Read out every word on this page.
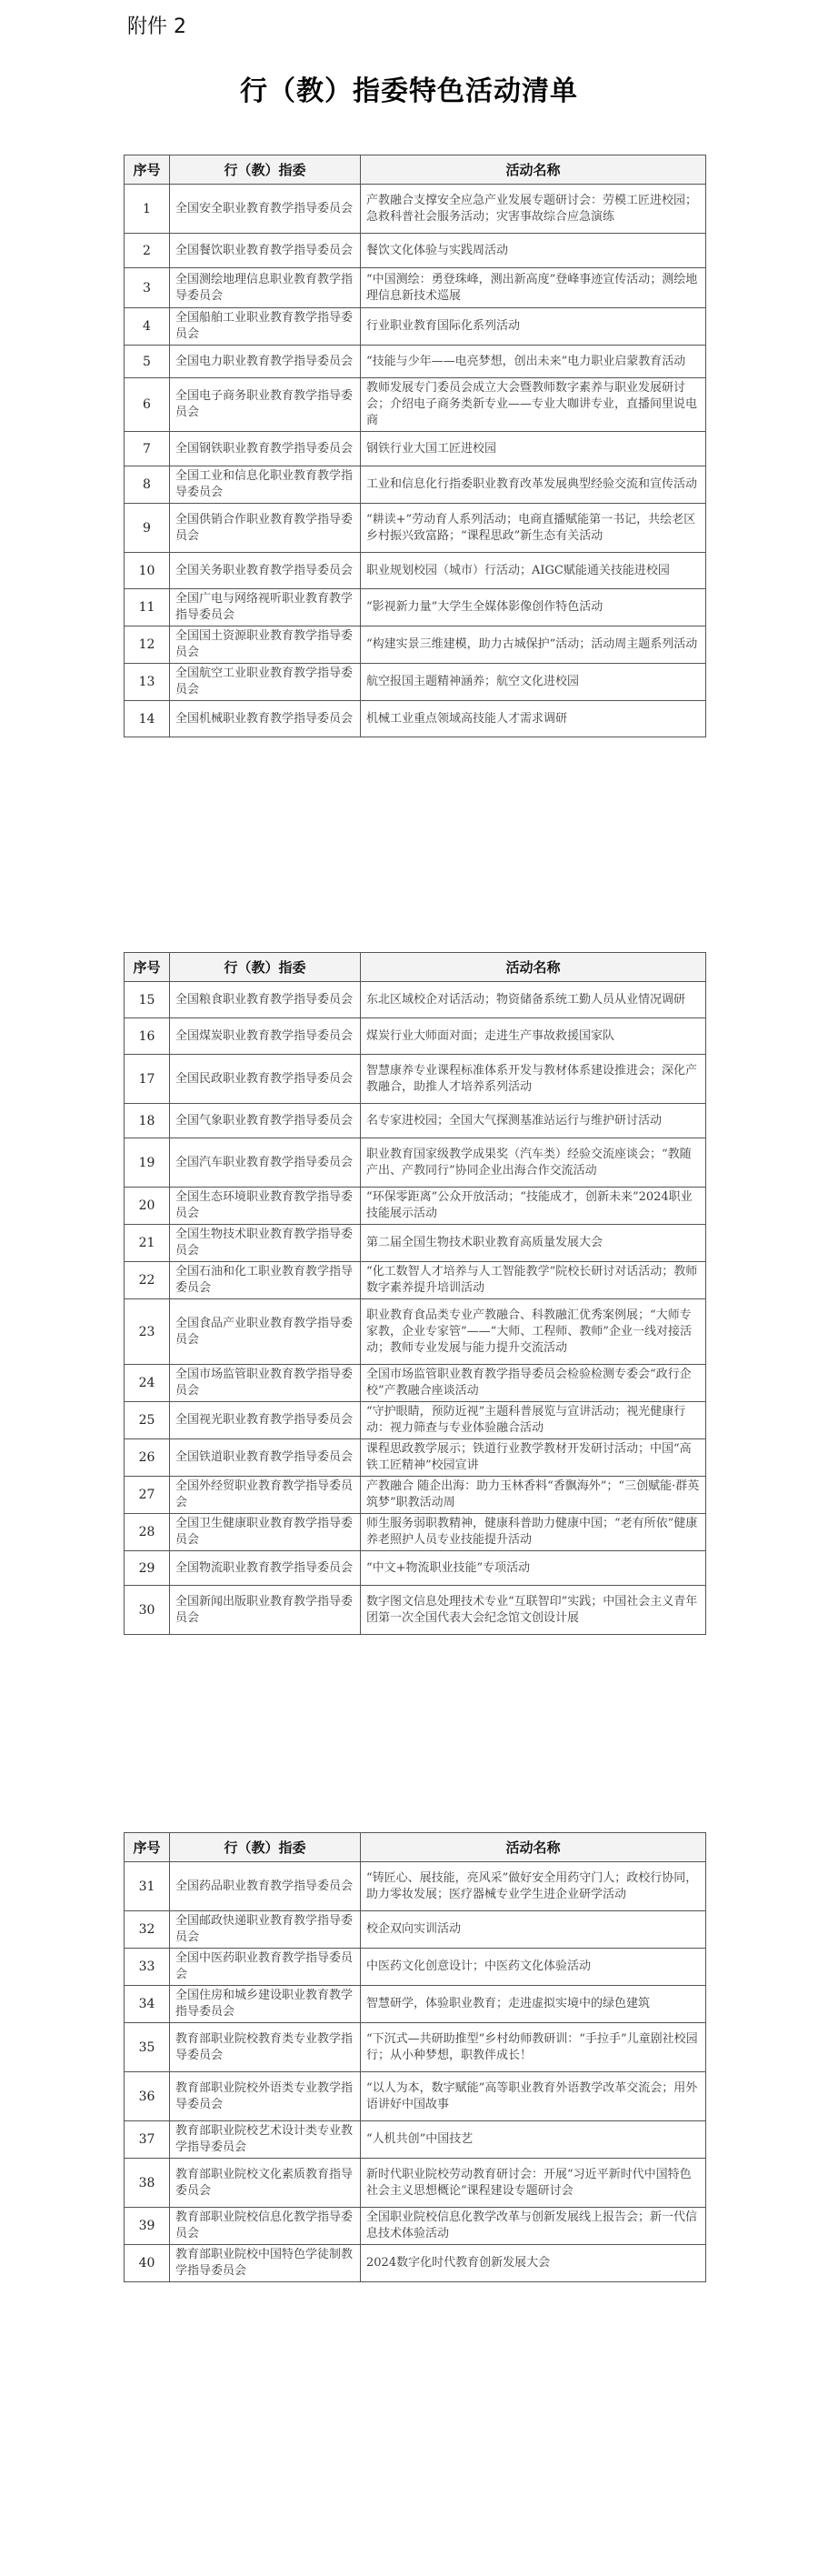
附件 2
行（教）指委特色活动清单
序号	行（教）指委	活动名称
1	全国安全职业教育教学指导委员会	产教融合支撑安全应急产业发展专题研讨会：劳模工匠进校园；急救科普社会服务活动；灾害事故综合应急演练
2	全国餐饮职业教育教学指导委员会	餐饮文化体验与实践周活动
3	全国测绘地理信息职业教育教学指导委员会	“中国测绘：勇登珠峰，测出新高度”登峰事迹宣传活动；测绘地理信息新技术巡展
4	全国船舶工业职业教育教学指导委员会	行业职业教育国际化系列活动
5	全国电力职业教育教学指导委员会	“技能与少年——电亮梦想，创出未来”电力职业启蒙教育活动
6	全国电子商务职业教育教学指导委员会	教师发展专门委员会成立大会暨教师数字素养与职业发展研讨会；介绍电子商务类新专业——专业大咖讲专业，直播间里说电商
7	全国钢铁职业教育教学指导委员会	钢铁行业大国工匠进校园
8	全国工业和信息化职业教育教学指导委员会	工业和信息化行指委职业教育改革发展典型经验交流和宣传活动
9	全国供销合作职业教育教学指导委员会	“耕读+”劳动育人系列活动；电商直播赋能第一书记，共绘老区乡村振兴致富路；“课程思政”新生态有关活动
10	全国关务职业教育教学指导委员会	职业规划校园（城市）行活动；AIGC赋能通关技能进校园
11	全国广电与网络视听职业教育教学指导委员会	“影视新力量”大学生全媒体影像创作特色活动
12	全国国土资源职业教育教学指导委员会	“构建实景三维建模，助力古城保护”活动；活动周主题系列活动
13	全国航空工业职业教育教学指导委员会	航空报国主题精神涵养；航空文化进校园
14	全国机械职业教育教学指导委员会	机械工业重点领域高技能人才需求调研
序号	行（教）指委	活动名称
15	全国粮食职业教育教学指导委员会	东北区域校企对话活动；物资储备系统工勤人员从业情况调研
16	全国煤炭职业教育教学指导委员会	煤炭行业大师面对面；走进生产事故救援国家队
17	全国民政职业教育教学指导委员会	智慧康养专业课程标准体系开发与教材体系建设推进会；深化产教融合，助推人才培养系列活动
18	全国气象职业教育教学指导委员会	名专家进校园；全国大气探测基准站运行与维护研讨活动
19	全国汽车职业教育教学指导委员会	职业教育国家级教学成果奖（汽车类）经验交流座谈会；“教随产出、产教同行”协同企业出海合作交流活动
20	全国生态环境职业教育教学指导委员会	“环保零距离”公众开放活动；“技能成才，创新未来”2024职业技能展示活动
21	全国生物技术职业教育教学指导委员会	第二届全国生物技术职业教育高质量发展大会
22	全国石油和化工职业教育教学指导委员会	“化工数智人才培养与人工智能教学”院校长研讨对话活动；教师数字素养提升培训活动
23	全国食品产业职业教育教学指导委员会	职业教育食品类专业产教融合、科教融汇优秀案例展；“大师专家教，企业专家管”——“大师、工程师、教师”企业一线对接活动；教师专业发展与能力提升交流活动
24	全国市场监管职业教育教学指导委员会	全国市场监管职业教育教学指导委员会检验检测专委会“政行企校”产教融合座谈活动
25	全国视光职业教育教学指导委员会	“守护眼睛，预防近视”主题科普展览与宣讲活动；视光健康行动：视力筛查与专业体验融合活动
26	全国铁道职业教育教学指导委员会	课程思政教学展示；铁道行业教学教材开发研讨活动；中国“高铁工匠精神”校园宣讲
27	全国外经贸职业教育教学指导委员会	产教融合 随企出海：助力玉林香料“香飘海外”；“三创赋能·群英筑梦”职教活动周
28	全国卫生健康职业教育教学指导委员会	师生服务弱职教精神，健康科普助力健康中国；“老有所依”健康养老照护人员专业技能提升活动
29	全国物流职业教育教学指导委员会	“中文+物流职业技能”专项活动
30	全国新闻出版职业教育教学指导委员会	数字图文信息处理技术专业“互联智印”实践；中国社会主义青年团第一次全国代表大会纪念馆文创设计展
序号	行（教）指委	活动名称
31	全国药品职业教育教学指导委员会	“铸匠心、展技能，亮风采”做好安全用药守门人；政校行协同，助力零妆发展；医疗器械专业学生进企业研学活动
32	全国邮政快递职业教育教学指导委员会	校企双向实训活动
33	全国中医药职业教育教学指导委员会	中医药文化创意设计；中医药文化体验活动
34	全国住房和城乡建设职业教育教学指导委员会	智慧研学，体验职业教育；走进虚拟实境中的绿色建筑
35	教育部职业院校教育类专业教学指导委员会	“下沉式—共研助推型”乡村幼师教研训：“手拉手”儿童剧社校园行；从小种梦想，职教伴成长！
36	教育部职业院校外语类专业教学指导委员会	“以人为本，数字赋能”高等职业教育外语教学改革交流会；用外语讲好中国故事
37	教育部职业院校艺术设计类专业教学指导委员会	“人机共创”中国技艺
38	教育部职业院校文化素质教育指导委员会	新时代职业院校劳动教育研讨会：开展“习近平新时代中国特色社会主义思想概论”课程建设专题研讨会
39	教育部职业院校信息化教学指导委员会	全国职业院校信息化教学改革与创新发展线上报告会；新一代信息技术体验活动
40	教育部职业院校中国特色学徒制教学指导委员会	2024数字化时代教育创新发展大会
